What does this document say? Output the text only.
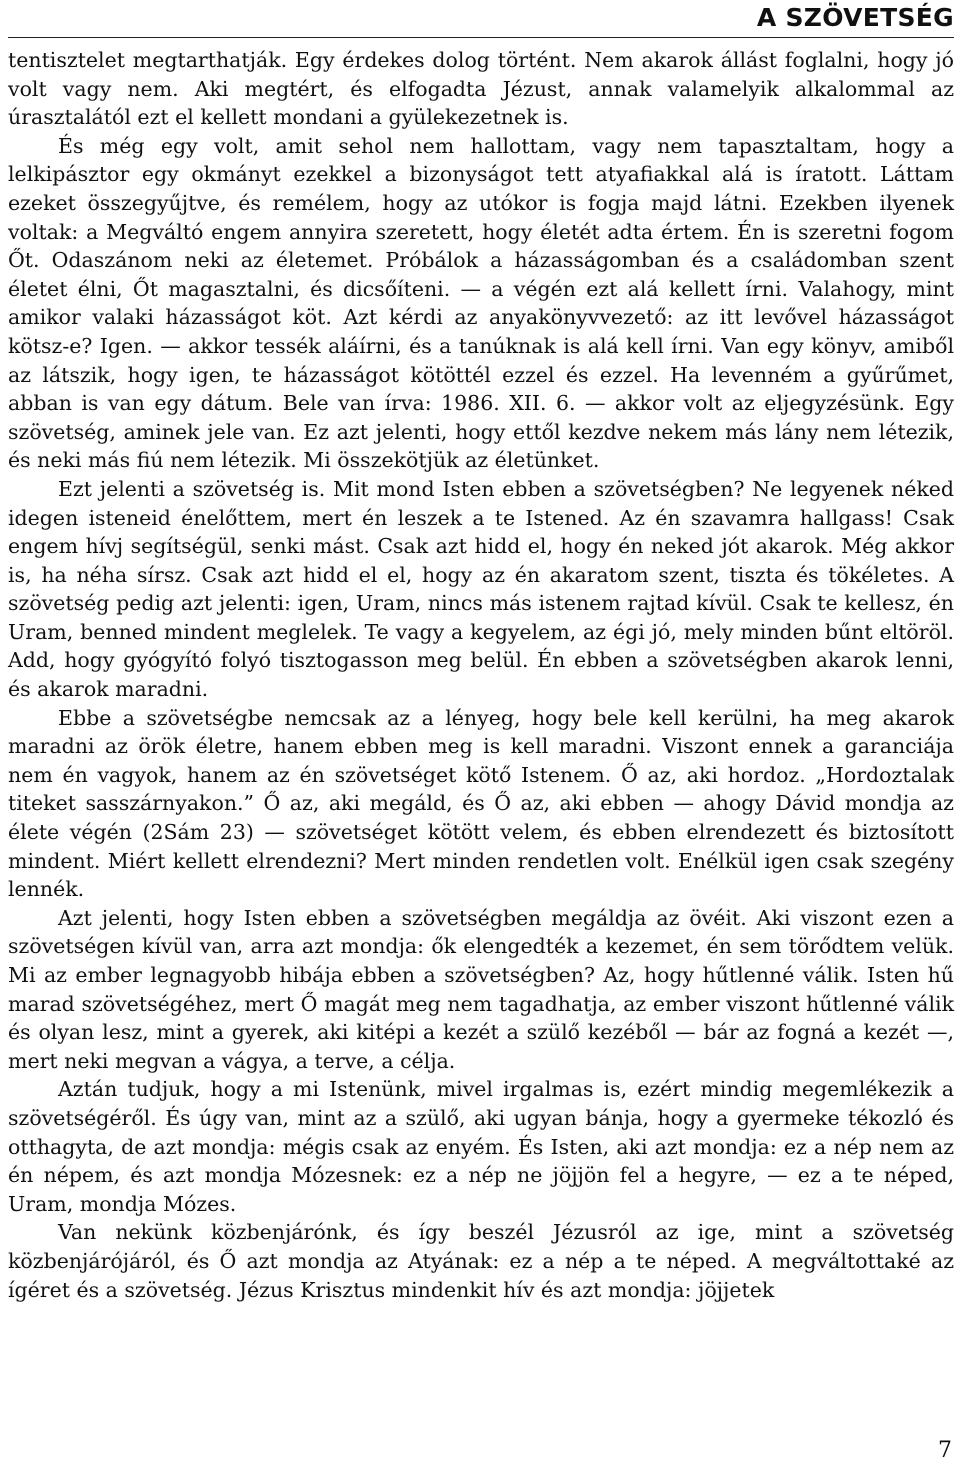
A SZÖVETSÉG

tentisztelet megtarthatják. Egy érdekes dolog történt. Nem akarok állást foglalni, hogy jó volt vagy nem. Aki megtért, és elfogadta Jézust, annak valamelyik alkalommal az úrasztalától ezt el kellett mondani a gyülekezetnek is.

És még egy volt, amit sehol nem hallottam, vagy nem tapasztaltam, hogy a lelkipásztor egy okmányt ezekkel a bizonyságot tett atyafiakkal alá is íratott. Láttam ezeket összegyűjtve, és remélem, hogy az utókor is fogja majd látni. Ezekben ilyenek voltak: a Megváltó engem annyira szeretett, hogy életét adta értem. Én is szeretni fogom Őt. Odaszánom neki az életemet. Próbálok a házasságomban és a családomban szent életet élni, Őt magasztalni, és dicsőíteni. — a végén ezt alá kellett írni. Valahogy, mint amikor valaki házasságot köt. Azt kérdi az anyakönyvvezető: az itt levővel házasságot kötsz-e? Igen. — akkor tessék aláírni, és a tanúknak is alá kell írni. Van egy könyv, amiből az látszik, hogy igen, te házasságot kötöttél ezzel és ezzel. Ha levenném a gyűrűmet, abban is van egy dátum. Bele van írva: 1986. XII. 6. — akkor volt az eljegyzésünk. Egy szövetség, aminek jele van. Ez azt jelenti, hogy ettől kezdve nekem más lány nem létezik, és neki más fiú nem létezik. Mi összekötjük az életünket.

Ezt jelenti a szövetség is. Mit mond Isten ebben a szövetségben? Ne legyenek néked idegen isteneid énelőttem, mert én leszek a te Istened. Az én szavamra hallgass! Csak engem hívj segítségül, senki mást. Csak azt hidd el, hogy én neked jót akarok. Még akkor is, ha néha sírsz. Csak azt hidd el el, hogy az én akaratom szent, tiszta és tökéletes. A szövetség pedig azt jelenti: igen, Uram, nincs más istenem rajtad kívül. Csak te kellesz, én Uram, benned mindent meglelek. Te vagy a kegyelem, az égi jó, mely minden bűnt eltöröl. Add, hogy gyógyító folyó tisztogasson meg belül. Én ebben a szövetségben akarok lenni, és akarok maradni.

Ebbe a szövetségbe nemcsak az a lényeg, hogy bele kell kerülni, ha meg akarok maradni az örök életre, hanem ebben meg is kell maradni. Viszont ennek a garanciája nem én vagyok, hanem az én szövetséget kötő Istenem. Ő az, aki hordoz. „Hordoztalak titeket sasszárnyakon.” Ő az, aki megáld, és Ő az, aki ebben — ahogy Dávid mondja az élete végén (2Sám 23) — szövetséget kötött velem, és ebben elrendezett és biztosított mindent. Miért kellett elrendezni? Mert minden rendetlen volt. Enélkül igen csak szegény lennék.

Azt jelenti, hogy Isten ebben a szövetségben megáldja az övéit. Aki viszont ezen a szövetségen kívül van, arra azt mondja: ők elengedték a kezemet, én sem törődtem velük. Mi az ember legnagyobb hibája ebben a szövetségben? Az, hogy hűtlenné válik. Isten hű marad szövetségéhez, mert Ő magát meg nem tagadhatja, az ember viszont hűtlenné válik és olyan lesz, mint a gyerek, aki kitépi a kezét a szülő kezéből — bár az fogná a kezét —, mert neki megvan a vágya, a terve, a célja.

Aztán tudjuk, hogy a mi Istenünk, mivel irgalmas is, ezért mindig megemlékezik a szövetségéről. És úgy van, mint az a szülő, aki ugyan bánja, hogy a gyermeke tékozló és otthagyta, de azt mondja: mégis csak az enyém. És Isten, aki azt mondja: ez a nép nem az én népem, és azt mondja Mózesnek: ez a nép ne jöjjön fel a hegyre, — ez a te néped, Uram, mondja Mózes.

Van nekünk közbenjárónk, és így beszél Jézusról az ige, mint a szövetség közbenjárójáról, és Ő azt mondja az Atyának: ez a nép a te néped. A megváltottaké az ígéret és a szövetség. Jézus Krisztus mindenkit hív és azt mondja: jöjjetek

7
